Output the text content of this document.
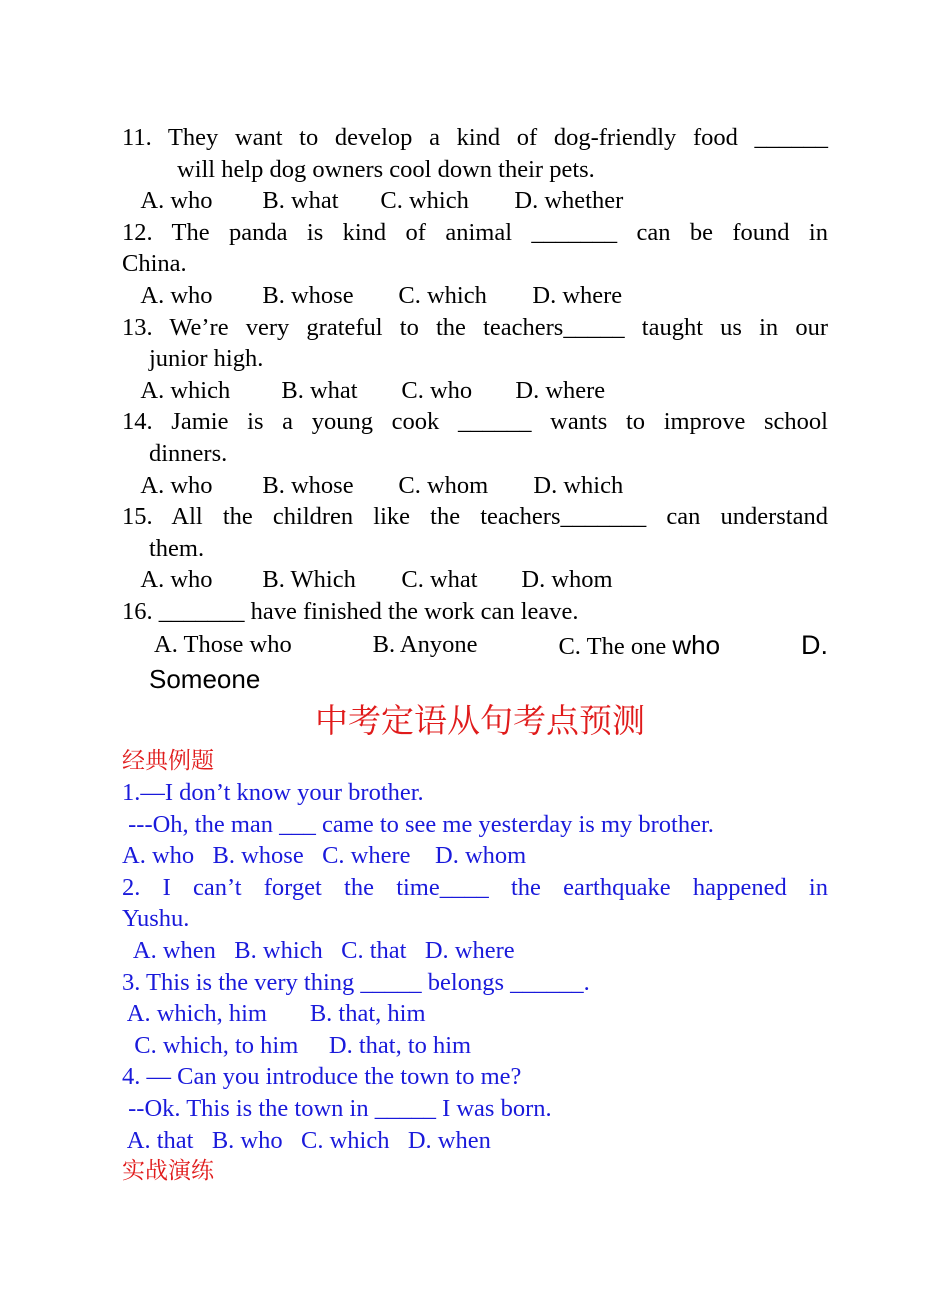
11. They want to develop a kind of dog-friendly food ______
will help dog owners cool down their pets.
A. who B. what C. which D. whether
12. The panda is kind of animal _______ can be found in
China.
A. who B. whose C. which D. where
13. We’re very grateful to the teachers_____ taught us in our
junior high.
A. which B. what C. who D. where
14. Jamie is a young cook ______ wants to improve school
dinners.
A. who B. whose C. whom D. which
15. All the children like the teachers_______ can understand
them.
A. who B. Which C. what D. whom
16. _______ have finished the work can leave.
A. Those who	B. Anyone	C. The one who	D.
Someone
中考定语从句考点预测
经典例题
1.—I don’t know your brother.
---Oh, the man ___ came to see me yesterday is my brother.
A. who   B. whose   C. where    D. whom
2. I can’t forget the time____ the earthquake happened in
Yushu.
A. when   B. which   C. that   D. where
3. This is the very thing _____ belongs ______.
A. which, him       B. that, him
C. which, to him     D. that, to him
4. — Can you introduce the town to me?
--Ok. This is the town in _____ I was born.
A. that   B. who   C. which   D. when
实战演练
